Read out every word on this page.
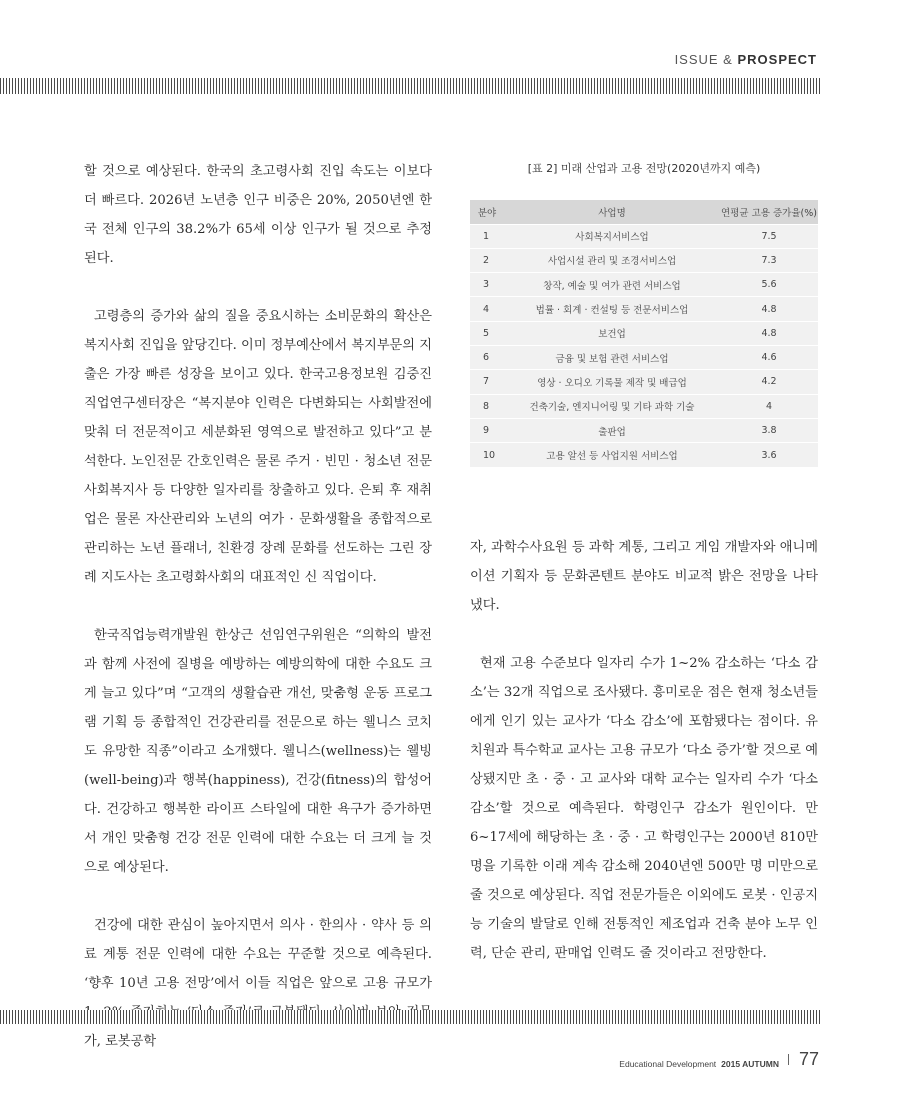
ISSUE & PROSPECT

할 것으로 예상된다. 한국의 초고령사회 진입 속도는 이보다 더 빠르다. 2026년 노년층 인구 비중은 20%, 2050년엔 한국 전체 인구의 38.2%가 65세 이상 인구가 될 것으로 추정된다.

고령층의 증가와 삶의 질을 중요시하는 소비문화의 확산은 복지사회 진입을 앞당긴다. 이미 정부예산에서 복지부문의 지출은 가장 빠른 성장을 보이고 있다. 한국고용정보원 김중진 직업연구센터장은 “복지분야 인력은 다변화되는 사회발전에 맞춰 더 전문적이고 세분화된 영역으로 발전하고 있다”고 분석한다. 노인전문 간호인력은 물론 주거 · 빈민 · 청소년 전문 사회복지사 등 다양한 일자리를 창출하고 있다. 은퇴 후 재취업은 물론 자산관리와 노년의 여가 · 문화생활을 종합적으로 관리하는 노년 플래너, 친환경 장례 문화를 선도하는 그린 장례 지도사는 초고령화사회의 대표적인 신 직업이다.

한국직업능력개발원 한상근 선임연구위원은 “의학의 발전과 함께 사전에 질병을 예방하는 예방의학에 대한 수요도 크게 늘고 있다”며 “고객의 생활습관 개선, 맞춤형 운동 프로그램 기획 등 종합적인 건강관리를 전문으로 하는 웰니스 코치도 유망한 직종”이라고 소개했다. 웰니스(wellness)는 웰빙(well-being)과 행복(happiness), 건강(fitness)의 합성어다. 건강하고 행복한 라이프 스타일에 대한 욕구가 증가하면서 개인 맞춤형 건강 전문 인력에 대한 수요는 더 크게 늘 것으로 예상된다.

건강에 대한 관심이 높아지면서 의사 · 한의사 · 약사 등 의료 계통 전문 인력에 대한 수요는 꾸준할 것으로 예측된다. ‘향후 10년 고용 전망’에서 이들 직업은 앞으로 고용 규모가 가, 로봇공학

[표 2] 미래 산업과 고용 전망(2020년까지 예측)
분야	사업명	연평균 고용 증가율(%)
1	사회복지서비스업	7.5
2	사업시설 관리 및 조경서비스업	7.3
3	창작, 예술 및 여가 관련 서비스업	5.6
4	법률 · 회계 · 컨설팅 등 전문서비스업	4.8
5	보건업	4.8
6	금융 및 보험 관련 서비스업	4.6
7	영상 · 오디오 기록물 제작 및 배급업	4.2
8	건축기술, 엔지니어링 및 기타 과학 기술	4
9	출판업	3.8
10	고용 알선 등 사업지원 서비스업	3.6

자, 과학수사요원 등 과학 계통, 그리고 게임 개발자와 애니메이션 기획자 등 문화콘텐트 분야도 비교적 밝은 전망을 나타냈다.

현재 고용 수준보다 일자리 수가 1~2% 감소하는 ‘다소 감소’는 32개 직업으로 조사됐다. 흥미로운 점은 현재 청소년들에게 인기 있는 교사가 ‘다소 감소’에 포함됐다는 점이다. 유치원과 특수학교 교사는 고용 규모가 ‘다소 증가’할 것으로 예상됐지만 초 · 중 · 고 교사와 대학 교수는 일자리 수가 ‘다소 감소’할 것으로 예측된다. 학령인구 감소가 원인이다. 만 6~17세에 해당하는 초 · 중 · 고 학령인구는 2000년 810만 명을 기록한 이래 계속 감소해 2040년엔 500만 명 미만으로 줄 것으로 예상된다. 직업 전문가들은 이외에도 로봇 · 인공지능 기술의 발달로 인해 전통적인 제조업과 건축 분야 노무 인력, 단순 관리, 판매업 인력도 줄 것이라고 전망한다.

Educational Development 2015 AUTUMN 77
